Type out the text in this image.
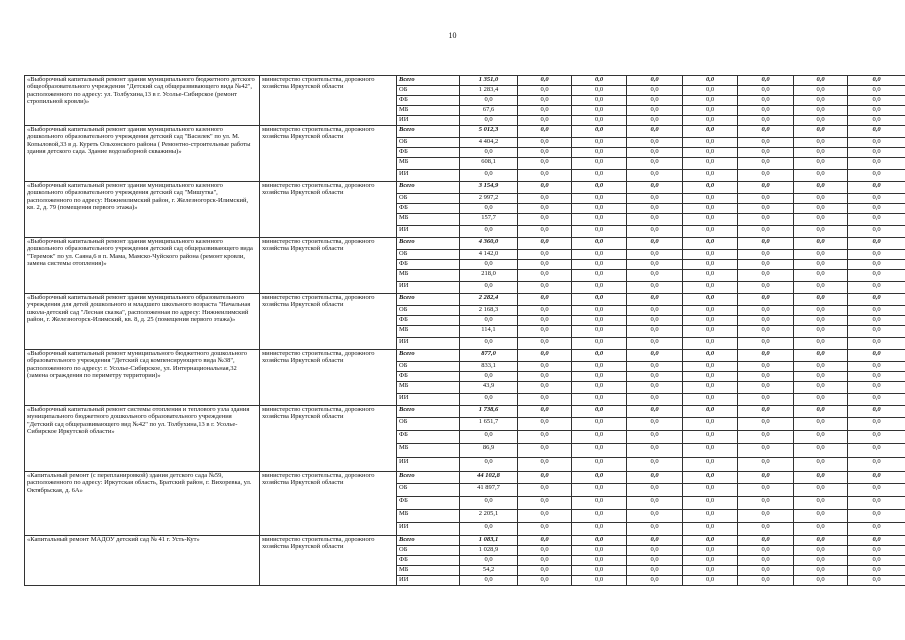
10
«Выборочный капитальный ремонт здания муниципального бюджетного детского общеобразовательного учреждения "Детский сад общеразвивающего вида №42", расположенного по адресу: ул. Толбухина,13 в г. Усолье-Сибирское (ремонт стропильной кровли)»	министерство строительства, дорожного хозяйства Иркутской области	Всего	1 351,0	0,0	0,0	0,0	0,0	0,0	0,0	0,0
		ОБ	1 283,4	0,0	0,0	0,0	0,0	0,0	0,0	0,0
		ФБ	0,0	0,0	0,0	0,0	0,0	0,0	0,0	0,0
		МБ	67,6	0,0	0,0	0,0	0,0	0,0	0,0	0,0
		ИИ	0,0	0,0	0,0	0,0	0,0	0,0	0,0	0,0
«Выборочный капитальный ремонт здания муниципального казенного дошкольного образовательного учреждения детский сад "Василек" по ул. М. Копыловой,33 в д. Куреть Ольхонского района ( Ремонтно-строительные работы здания детского сада. Здание водозаборной скважины)»	министерство строительства, дорожного хозяйства Иркутской области	Всего	5 012,3	0,0	0,0	0,0	0,0	0,0	0,0	0,0
		ОБ	4 404,2	0,0	0,0	0,0	0,0	0,0	0,0	0,0
		ФБ	0,0	0,0	0,0	0,0	0,0	0,0	0,0	0,0
		МБ	608,1	0,0	0,0	0,0	0,0	0,0	0,0	0,0
		ИИ	0,0	0,0	0,0	0,0	0,0	0,0	0,0	0,0
«Выборочный капитальный ремонт здания муниципального казенного дошкольного образовательного учреждения детский сад "Мишутка", расположенного по адресу: Нижнеилимский район, г. Железногорск-Илимский, кв. 2, д. 79 (помещения первого этажа)»	министерство строительства, дорожного хозяйства Иркутской области	Всего	3 154,9	0,0	0,0	0,0	0,0	0,0	0,0	0,0
		ОБ	2 997,2	0,0	0,0	0,0	0,0	0,0	0,0	0,0
		ФБ	0,0	0,0	0,0	0,0	0,0	0,0	0,0	0,0
		МБ	157,7	0,0	0,0	0,0	0,0	0,0	0,0	0,0
		ИИ	0,0	0,0	0,0	0,0	0,0	0,0	0,0	0,0
«Выборочный капитальный ремонт здания муниципального казенного дошкольного образовательного учреждения детский сад общеразвивающего вида "Теремок" по ул. Саяна,6 в п. Мама, Мамско-Чуйского района (ремонт кровли, замена системы отопления)»	министерство строительства, дорожного хозяйства Иркутской области	Всего	4 360,0	0,0	0,0	0,0	0,0	0,0	0,0	0,0
		ОБ	4 142,0	0,0	0,0	0,0	0,0	0,0	0,0	0,0
		ФБ	0,0	0,0	0,0	0,0	0,0	0,0	0,0	0,0
		МБ	218,0	0,0	0,0	0,0	0,0	0,0	0,0	0,0
		ИИ	0,0	0,0	0,0	0,0	0,0	0,0	0,0	0,0
«Выборочный капитальный ремонт здания муниципального образовательного учреждения для детей дошкольного и младшего школьного возраста "Начальная школа-детский сад "Лесная сказка", расположенная по адресу: Нижнеилимский район, г. Железногорск-Илимский, кв. 8, д. 25 (помещения первого этажа)»	министерство строительства, дорожного хозяйства Иркутской области	Всего	2 282,4	0,0	0,0	0,0	0,0	0,0	0,0	0,0
		ОБ	2 168,3	0,0	0,0	0,0	0,0	0,0	0,0	0,0
		ФБ	0,0	0,0	0,0	0,0	0,0	0,0	0,0	0,0
		МБ	114,1	0,0	0,0	0,0	0,0	0,0	0,0	0,0
		ИИ	0,0	0,0	0,0	0,0	0,0	0,0	0,0	0,0
«Выборочный капитальный ремонт муниципального бюджетного дошкольного образовательного учреждения "Детский сад компенсирующего вида №38", расположенного по адресу: г. Усолье-Сибирское, ул. Интернациональная,32 (замена ограждения по периметру территории)»	министерство строительства, дорожного хозяйства Иркутской области	Всего	877,0	0,0	0,0	0,0	0,0	0,0	0,0	0,0
		ОБ	833,1	0,0	0,0	0,0	0,0	0,0	0,0	0,0
		ФБ	0,0	0,0	0,0	0,0	0,0	0,0	0,0	0,0
		МБ	43,9	0,0	0,0	0,0	0,0	0,0	0,0	0,0
		ИИ	0,0	0,0	0,0	0,0	0,0	0,0	0,0	0,0
«Выборочный капитальный ремонт системы отопления и теплового узла здания муниципального бюджетного дошкольного образовательного учреждения "Детский сад общеразвивающего вид №42" по ул. Толбухина,13 в г. Усолье-Сибирское Иркутской области»	министерство строительства, дорожного хозяйства Иркутской области	Всего	1 738,6	0,0	0,0	0,0	0,0	0,0	0,0	0,0
		ОБ	1 651,7	0,0	0,0	0,0	0,0	0,0	0,0	0,0
		ФБ	0,0	0,0	0,0	0,0	0,0	0,0	0,0	0,0
		МБ	86,9	0,0	0,0	0,0	0,0	0,0	0,0	0,0
		ИИ	0,0	0,0	0,0	0,0	0,0	0,0	0,0	0,0
«Капитальный ремонт (с перепланировкой) здания детского сада №59, расположенного по адресу: Иркутская область, Братский район, г. Вихоревка, ул. Октябрьская, д. 6А»	министерство строительства, дорожного хозяйства Иркутской области	Всего	44 102,8	0,0	0,0	0,0	0,0	0,0	0,0	0,0
		ОБ	41 897,7	0,0	0,0	0,0	0,0	0,0	0,0	0,0
		ФБ	0,0	0,0	0,0	0,0	0,0	0,0	0,0	0,0
		МБ	2 205,1	0,0	0,0	0,0	0,0	0,0	0,0	0,0
		ИИ	0,0	0,0	0,0	0,0	0,0	0,0	0,0	0,0
«Капитальный ремонт МАДОУ детский сад № 41 г. Усть-Кут»	министерство строительства, дорожного хозяйства Иркутской области	Всего	1 083,1	0,0	0,0	0,0	0,0	0,0	0,0	0,0
		ОБ	1 028,9	0,0	0,0	0,0	0,0	0,0	0,0	0,0
		ФБ	0,0	0,0	0,0	0,0	0,0	0,0	0,0	0,0
		МБ	54,2	0,0	0,0	0,0	0,0	0,0	0,0	0,0
		ИИ	0,0	0,0	0,0	0,0	0,0	0,0	0,0	0,0
